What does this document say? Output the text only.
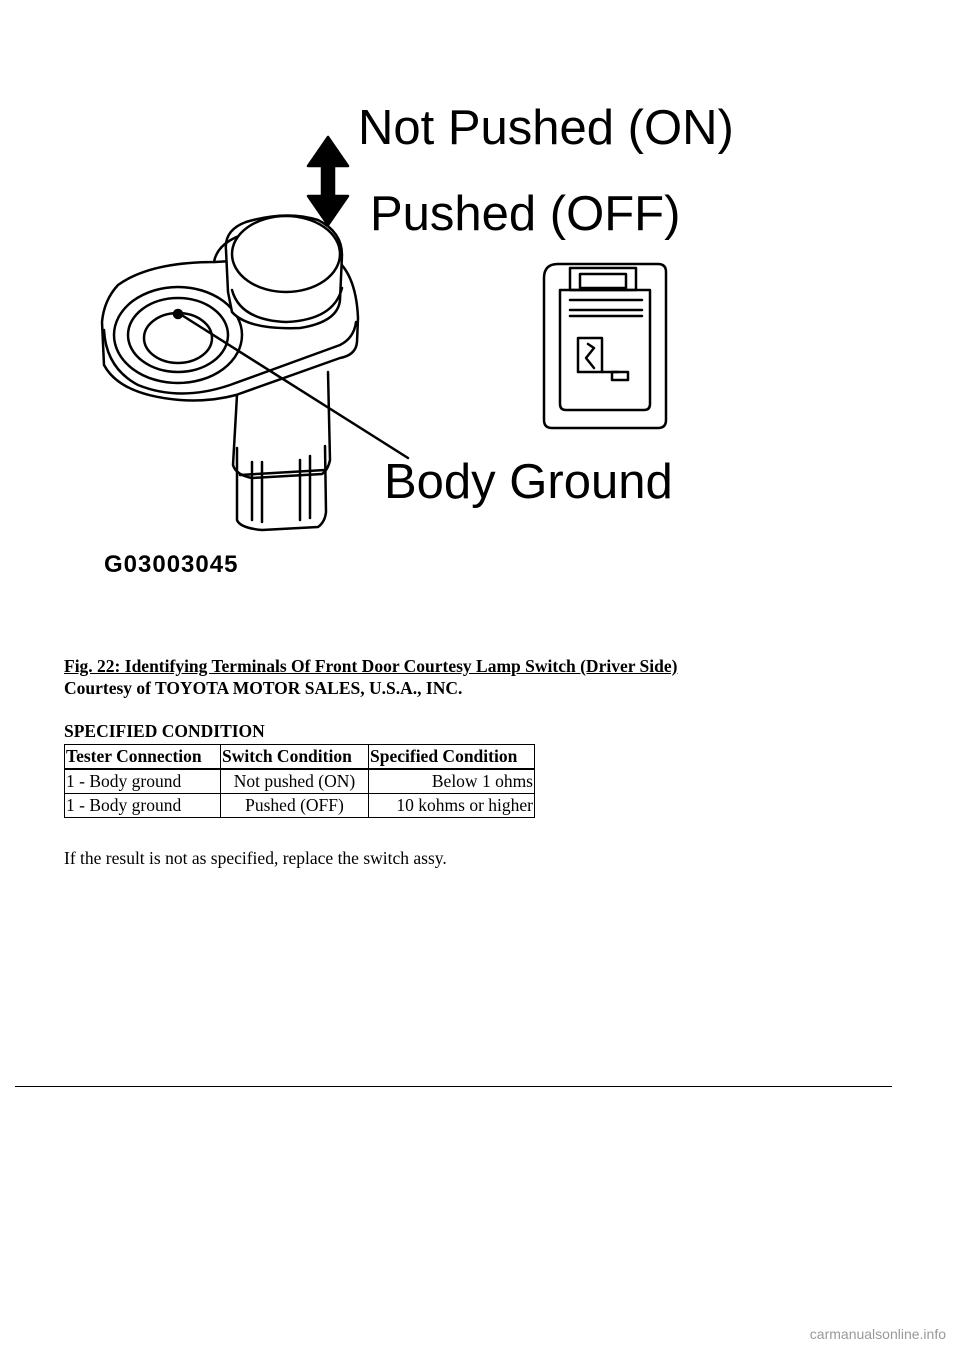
Not Pushed (ON)
Pushed (OFF)
Body Ground
G03003045
Fig. 22: Identifying Terminals Of Front Door Courtesy Lamp Switch (Driver Side)
Courtesy of TOYOTA MOTOR SALES, U.S.A., INC.
SPECIFIED CONDITION
Tester Connection	Switch Condition	Specified Condition
1 - Body ground	Not pushed (ON)	Below 1 ohms
1 - Body ground	Pushed (OFF)	10 kohms or higher
If the result is not as specified, replace the switch assy.
carmanualsonline.info
